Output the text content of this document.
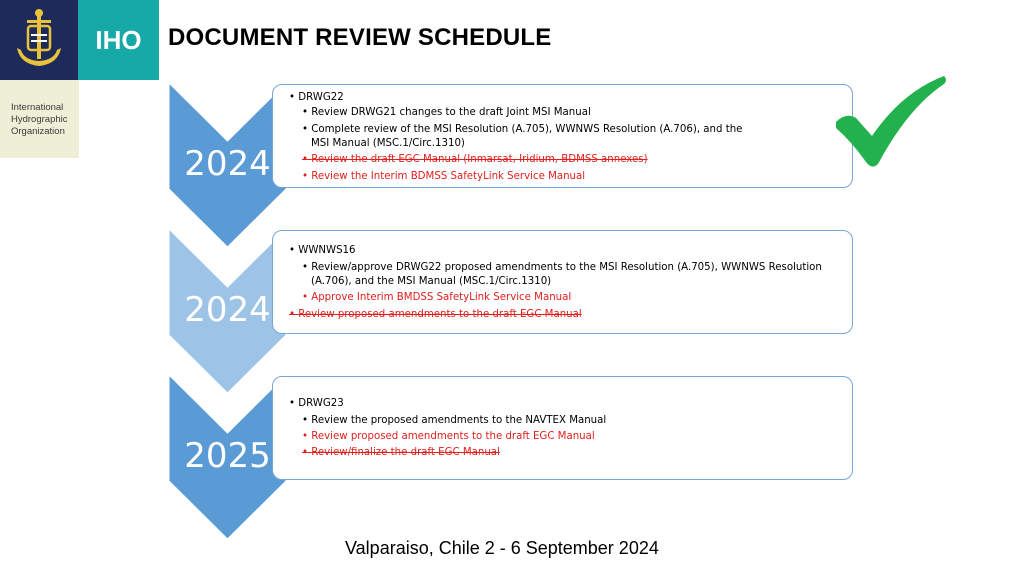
IHO
International
Hydrographic
Organization
DOCUMENT REVIEW SCHEDULE
2024
• DRWG22
• Review DRWG21 changes to the draft Joint MSI Manual
• Complete review of the MSI Resolution (A.705), WWNWS Resolution (A.706), and the
MSI Manual (MSC.1/Circ.1310)
• Review the draft EGC Manual (Inmarsat, Iridium, BDMSS annexes)
• Review the Interim BDMSS SafetyLink Service Manual
2024
• WWNWS16
• Review/approve DRWG22 proposed amendments to the MSI Resolution (A.705), WWNWS Resolution
(A.706), and the MSI Manual (MSC.1/Circ.1310)
• Approve Interim BMDSS SafetyLink Service Manual
• Review proposed amendments to the draft EGC Manual
2025
• DRWG23
• Review the proposed amendments to the NAVTEX Manual
• Review proposed amendments to the draft EGC Manual
• Review/finalize the draft EGC Manual
Valparaiso, Chile 2 - 6 September 2024
